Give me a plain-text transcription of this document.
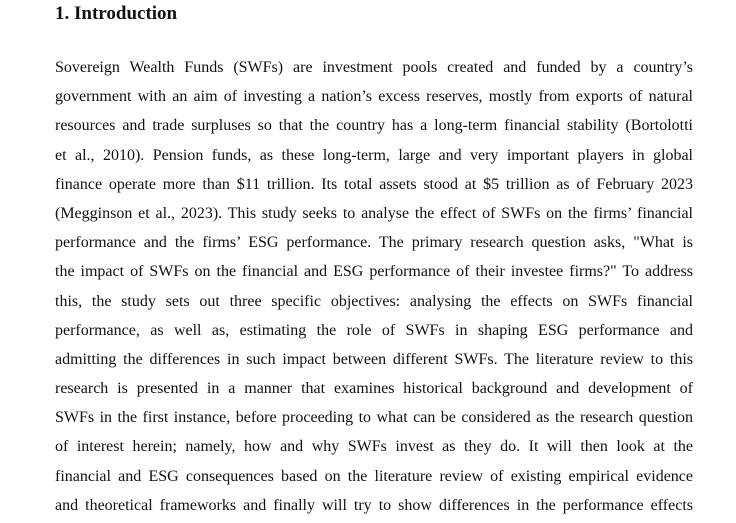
1. Introduction
Sovereign Wealth Funds (SWFs) are investment pools created and funded by a country’s
government with an aim of investing a nation’s excess reserves, mostly from exports of natural
resources and trade surpluses so that the country has a long-term financial stability (Bortolotti
et al., 2010). Pension funds, as these long-term, large and very important players in global
finance operate more than $11 trillion. Its total assets stood at $5 trillion as of February 2023
(Megginson et al., 2023). This study seeks to analyse the effect of SWFs on the firms’ financial
performance and the firms’ ESG performance. The primary research question asks, "What is
the impact of SWFs on the financial and ESG performance of their investee firms?" To address
this, the study sets out three specific objectives: analysing the effects on SWFs financial
performance, as well as, estimating the role of SWFs in shaping ESG performance and
admitting the differences in such impact between different SWFs. The literature review to this
research is presented in a manner that examines historical background and development of
SWFs in the first instance, before proceeding to what can be considered as the research question
of interest herein; namely, how and why SWFs invest as they do. It will then look at the
financial and ESG consequences based on the literature review of existing empirical evidence
and theoretical frameworks and finally will try to show differences in the performance effects
